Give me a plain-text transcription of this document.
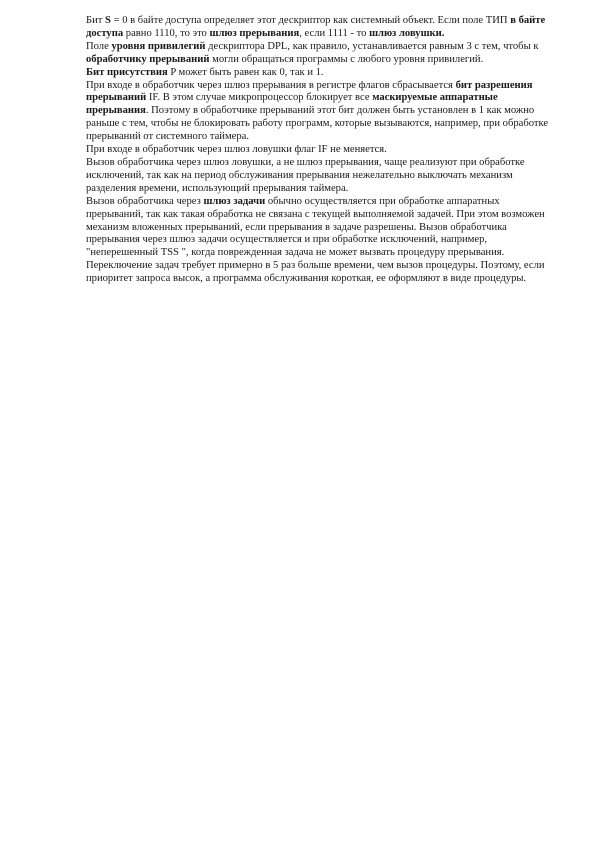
Бит S = 0 в байте доступа определяет этот дескриптор как системный объект. Если поле ТИП в байте доступа равно 1110, то это шлюз прерывания, если 1111 - то шлюз ловушки.

Поле уровня привилегий дескриптора DPL, как правило, устанавливается равным 3 с тем, чтобы к обработчику прерываний могли обращаться программы с любого уровня привилегий.

Бит присутствия P может быть равен как 0, так и 1.

При входе в обработчик через шлюз прерывания в регистре флагов сбрасывается бит разрешения прерываний IF. В этом случае микропроцессор блокирует все маскируемые аппаратные прерывания. Поэтому в обработчике прерываний этот бит должен быть установлен в 1 как можно раньше с тем, чтобы не блокировать работу программ, которые вызываются, например, при обработке прерываний от системного таймера.

При входе в обработчик через шлюз ловушки флаг IF не меняется.

Вызов обработчика через шлюз ловушки, а не шлюз прерывания, чаще реализуют при обработке исключений, так как на период обслуживания прерывания нежелательно выключать механизм разделения времени, использующий прерывания таймера.

Вызов обработчика через шлюз задачи обычно осуществляется при обработке аппаратных прерываний, так как такая обработка не связана с текущей выполняемой задачей. При этом возможен механизм вложенных прерываний, если прерывания в задаче разрешены. Вызов обработчика прерывания через шлюз задачи осуществляется и при обработке исключений, например, "неперешенный TSS ", когда поврежденная задача не может вызвать процедуру прерывания. Переключение задач требует примерно в 5 раз больше времени, чем вызов процедуры. Поэтому, если приоритет запроса высок, а программа обслуживания короткая, ее оформляют в виде процедуры.
